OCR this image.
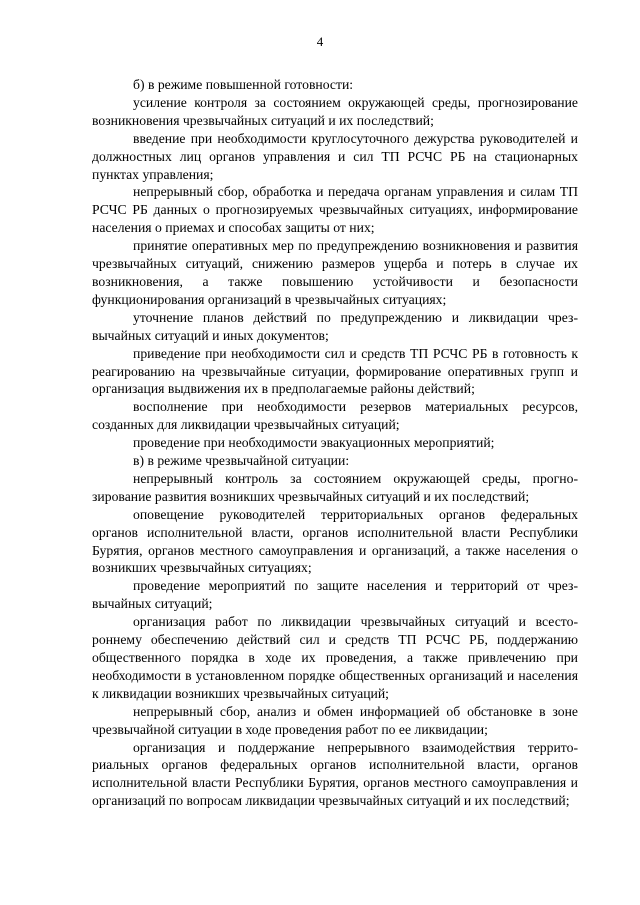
4

б) в режиме повышенной готовности:

усиление контроля за состоянием окружающей среды, прогнозирование возникновения чрезвычайных ситуаций и их последствий;

введение при необходимости круглосуточного дежурства руководителей и должностных лиц органов управления и сил ТП РСЧС РБ на стационарных пунктах управления;

непрерывный сбор, обработка и передача органам управления и силам ТП РСЧС РБ данных о прогнозируемых чрезвычайных ситуациях, информирование населения о приемах и способах защиты от них;

принятие оперативных мер по предупреждению возникновения и развития чрезвычайных ситуаций, снижению размеров ущерба и потерь в случае их возникновения, а также повышению устойчивости и безопасности функционирования организаций в чрезвычайных ситуациях;

уточнение планов действий по предупреждению и ликвидации чрезвычайных ситуаций и иных документов;

приведение при необходимости сил и средств ТП РСЧС РБ в готовность к реагированию на чрезвычайные ситуации, формирование оперативных групп и организация выдвижения их в предполагаемые районы действий;

восполнение при необходимости резервов материальных ресурсов, созданных для ликвидации чрезвычайных ситуаций;

проведение при необходимости эвакуационных мероприятий;

в) в режиме чрезвычайной ситуации:

непрерывный контроль за состоянием окружающей среды, прогнозирование развития возникших чрезвычайных ситуаций и их последствий;

оповещение руководителей территориальных органов федеральных органов исполнительной власти, органов исполнительной власти Республики Бурятия, органов местного самоуправления и организаций, а также населения о возникших чрезвычайных ситуациях;

проведение мероприятий по защите населения и территорий от чрезвычайных ситуаций;

организация работ по ликвидации чрезвычайных ситуаций и всестороннему обеспечению действий сил и средств ТП РСЧС РБ, поддержанию общественного порядка в ходе их проведения, а также привлечению при необходимости в установленном порядке общественных организаций и населения к ликвидации возникших чрезвычайных ситуаций;

непрерывный сбор, анализ и обмен информацией об обстановке в зоне чрезвычайной ситуации в ходе проведения работ по ее ликвидации;

организация и поддержание непрерывного взаимодействия территориальных органов федеральных органов исполнительной власти, органов исполнительной власти Республики Бурятия, органов местного самоуправления и организаций по вопросам ликвидации чрезвычайных ситуаций и их последствий;
